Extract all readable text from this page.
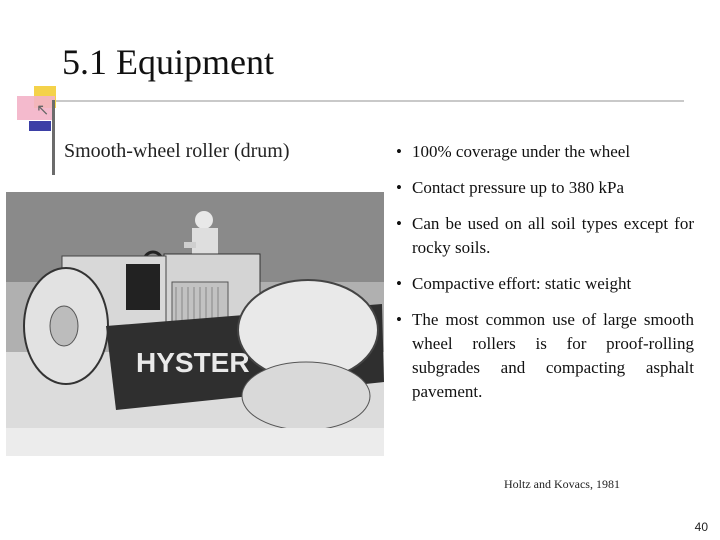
↖
5.1 Equipment
Smooth-wheel roller (drum)
HYSTER
• 100% coverage under the wheel
• Contact pressure up to 380 kPa
• Can be used on all soil types except for rocky soils.
• Compactive effort: static weight
• The most common use of large smooth wheel rollers is for proof-rolling subgrades and compacting asphalt pavement.
Holtz and Kovacs, 1981
40
